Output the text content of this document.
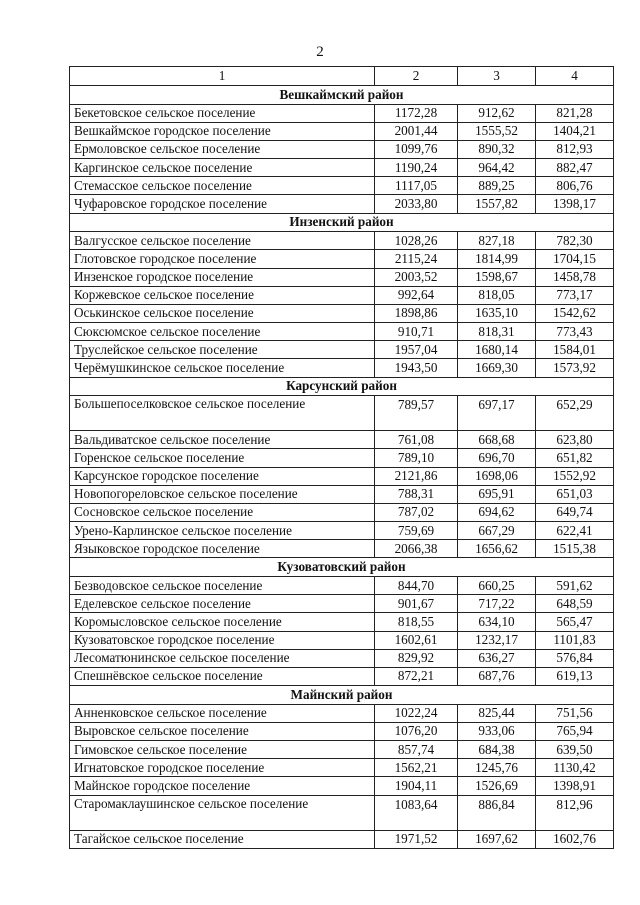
2
1	2	3	4
Вешкаймский район			
Бекетовское сельское поселение	1172,28	912,62	821,28
Вешкаймское городское поселение	2001,44	1555,52	1404,21
Ермоловское сельское поселение	1099,76	890,32	812,93
Каргинское сельское поселение	1190,24	964,42	882,47
Стемасское сельское поселение	1117,05	889,25	806,76
Чуфаровское городское поселение	2033,80	1557,82	1398,17
Инзенский район			
Валгусское сельское поселение	1028,26	827,18	782,30
Глотовское городское поселение	2115,24	1814,99	1704,15
Инзенское городское поселение	2003,52	1598,67	1458,78
Коржевское сельское поселение	992,64	818,05	773,17
Оськинское сельское поселение	1898,86	1635,10	1542,62
Сюксюмское сельское поселение	910,71	818,31	773,43
Труслейское сельское поселение	1957,04	1680,14	1584,01
Черёмушкинское сельское поселение	1943,50	1669,30	1573,92
Карсунский район			
Большепоселковское сельское поселение	789,57	697,17	652,29
Вальдиватское сельское поселение	761,08	668,68	623,80
Горенское сельское поселение	789,10	696,70	651,82
Карсунское городское поселение	2121,86	1698,06	1552,92
Новопогореловское сельское поселение	788,31	695,91	651,03
Сосновское сельское поселение	787,02	694,62	649,74
Урено-Карлинское сельское поселение	759,69	667,29	622,41
Языковское городское поселение	2066,38	1656,62	1515,38
Кузоватовский район			
Безводовское сельское поселение	844,70	660,25	591,62
Еделевское сельское поселение	901,67	717,22	648,59
Коромысловское сельское поселение	818,55	634,10	565,47
Кузоватовское городское поселение	1602,61	1232,17	1101,83
Лесоматюнинское сельское поселение	829,92	636,27	576,84
Спешнёвское сельское поселение	872,21	687,76	619,13
Майнский район			
Анненковское сельское поселение	1022,24	825,44	751,56
Выровское сельское поселение	1076,20	933,06	765,94
Гимовское сельское поселение	857,74	684,38	639,50
Игнатовское городское поселение	1562,21	1245,76	1130,42
Майнское городское поселение	1904,11	1526,69	1398,91
Старомаклаушинское сельское поселение	1083,64	886,84	812,96
Тагайское сельское поселение	1971,52	1697,62	1602,76
